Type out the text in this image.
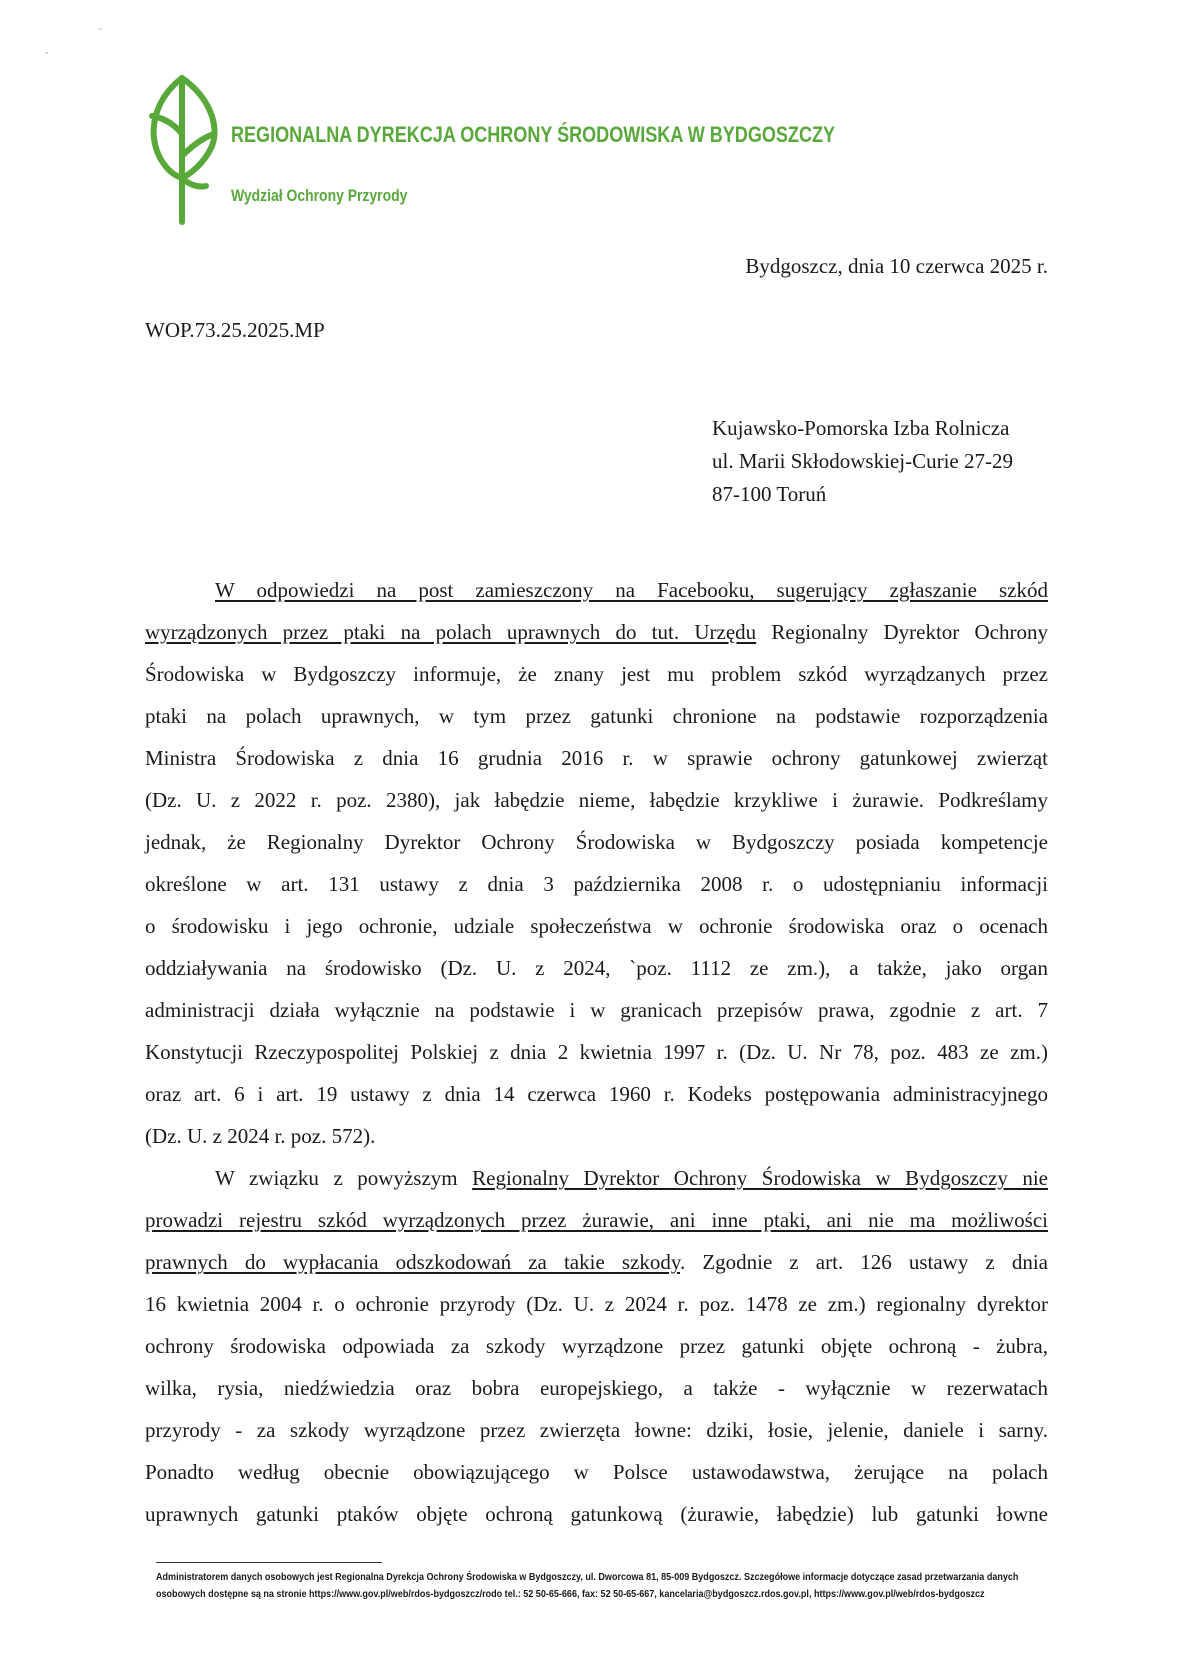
˜
˜
REGIONALNA DYREKCJA OCHRONY ŚRODOWISKA W BYDGOSZCZY
Wydział Ochrony Przyrody
Bydgoszcz, dnia 10 czerwca 2025 r.
WOP.73.25.2025.MP
Kujawsko-Pomorska Izba Rolnicza
ul. Marii Skłodowskiej-Curie 27-29
87-100 Toruń
W odpowiedzi na post zamieszczony na Facebooku, sugerujący zgłaszanie szkód
wyrządzonych przez ptaki na polach uprawnych do tut. Urzędu Regionalny Dyrektor Ochrony
Środowiska w Bydgoszczy informuje, że znany jest mu problem szkód wyrządzanych przez
ptaki na polach uprawnych, w tym przez gatunki chronione na podstawie rozporządzenia
Ministra Środowiska z dnia 16 grudnia 2016 r. w sprawie ochrony gatunkowej zwierząt
(Dz. U. z 2022 r. poz. 2380), jak łabędzie nieme, łabędzie krzykliwe i żurawie. Podkreślamy
jednak, że Regionalny Dyrektor Ochrony Środowiska w Bydgoszczy posiada kompetencje
określone w art. 131 ustawy z dnia 3 października 2008 r. o udostępnianiu informacji
o środowisku i jego ochronie, udziale społeczeństwa w ochronie środowiska oraz o ocenach
oddziaływania na środowisko (Dz. U. z 2024, `poz. 1112 ze zm.), a także, jako organ
administracji działa wyłącznie na podstawie i w granicach przepisów prawa, zgodnie z art. 7
Konstytucji Rzeczypospolitej Polskiej z dnia 2 kwietnia 1997 r. (Dz. U. Nr 78, poz. 483 ze zm.)
oraz art. 6 i art. 19 ustawy z dnia 14 czerwca 1960 r. Kodeks postępowania administracyjnego
(Dz. U. z 2024 r. poz. 572).
W związku z powyższym Regionalny Dyrektor Ochrony Środowiska w Bydgoszczy nie
prowadzi rejestru szkód wyrządzonych przez żurawie, ani inne ptaki, ani nie ma możliwości
prawnych do wypłacania odszkodowań za takie szkody. Zgodnie z art. 126 ustawy z dnia
16 kwietnia 2004 r. o ochronie przyrody (Dz. U. z 2024 r. poz. 1478 ze zm.) regionalny dyrektor
ochrony środowiska odpowiada za szkody wyrządzone przez gatunki objęte ochroną - żubra,
wilka, rysia, niedźwiedzia oraz bobra europejskiego, a także - wyłącznie w rezerwatach
przyrody - za szkody wyrządzone przez zwierzęta łowne: dziki, łosie, jelenie, daniele i sarny.
Ponadto według obecnie obowiązującego w Polsce ustawodawstwa, żerujące na polach
uprawnych gatunki ptaków objęte ochroną gatunkową (żurawie, łabędzie) lub gatunki łowne
Administratorem danych osobowych jest Regionalna Dyrekcja Ochrony Środowiska w Bydgoszczy, ul. Dworcowa 81, 85-009 Bydgoszcz. Szczegółowe informacje dotyczące zasad przetwarzania danych
osobowych dostępne są na stronie https://www.gov.pl/web/rdos-bydgoszcz/rodo tel.: 52 50-65-666, fax: 52 50-65-667, kancelaria@bydgoszcz.rdos.gov.pl, https://www.gov.pl/web/rdos-bydgoszcz
